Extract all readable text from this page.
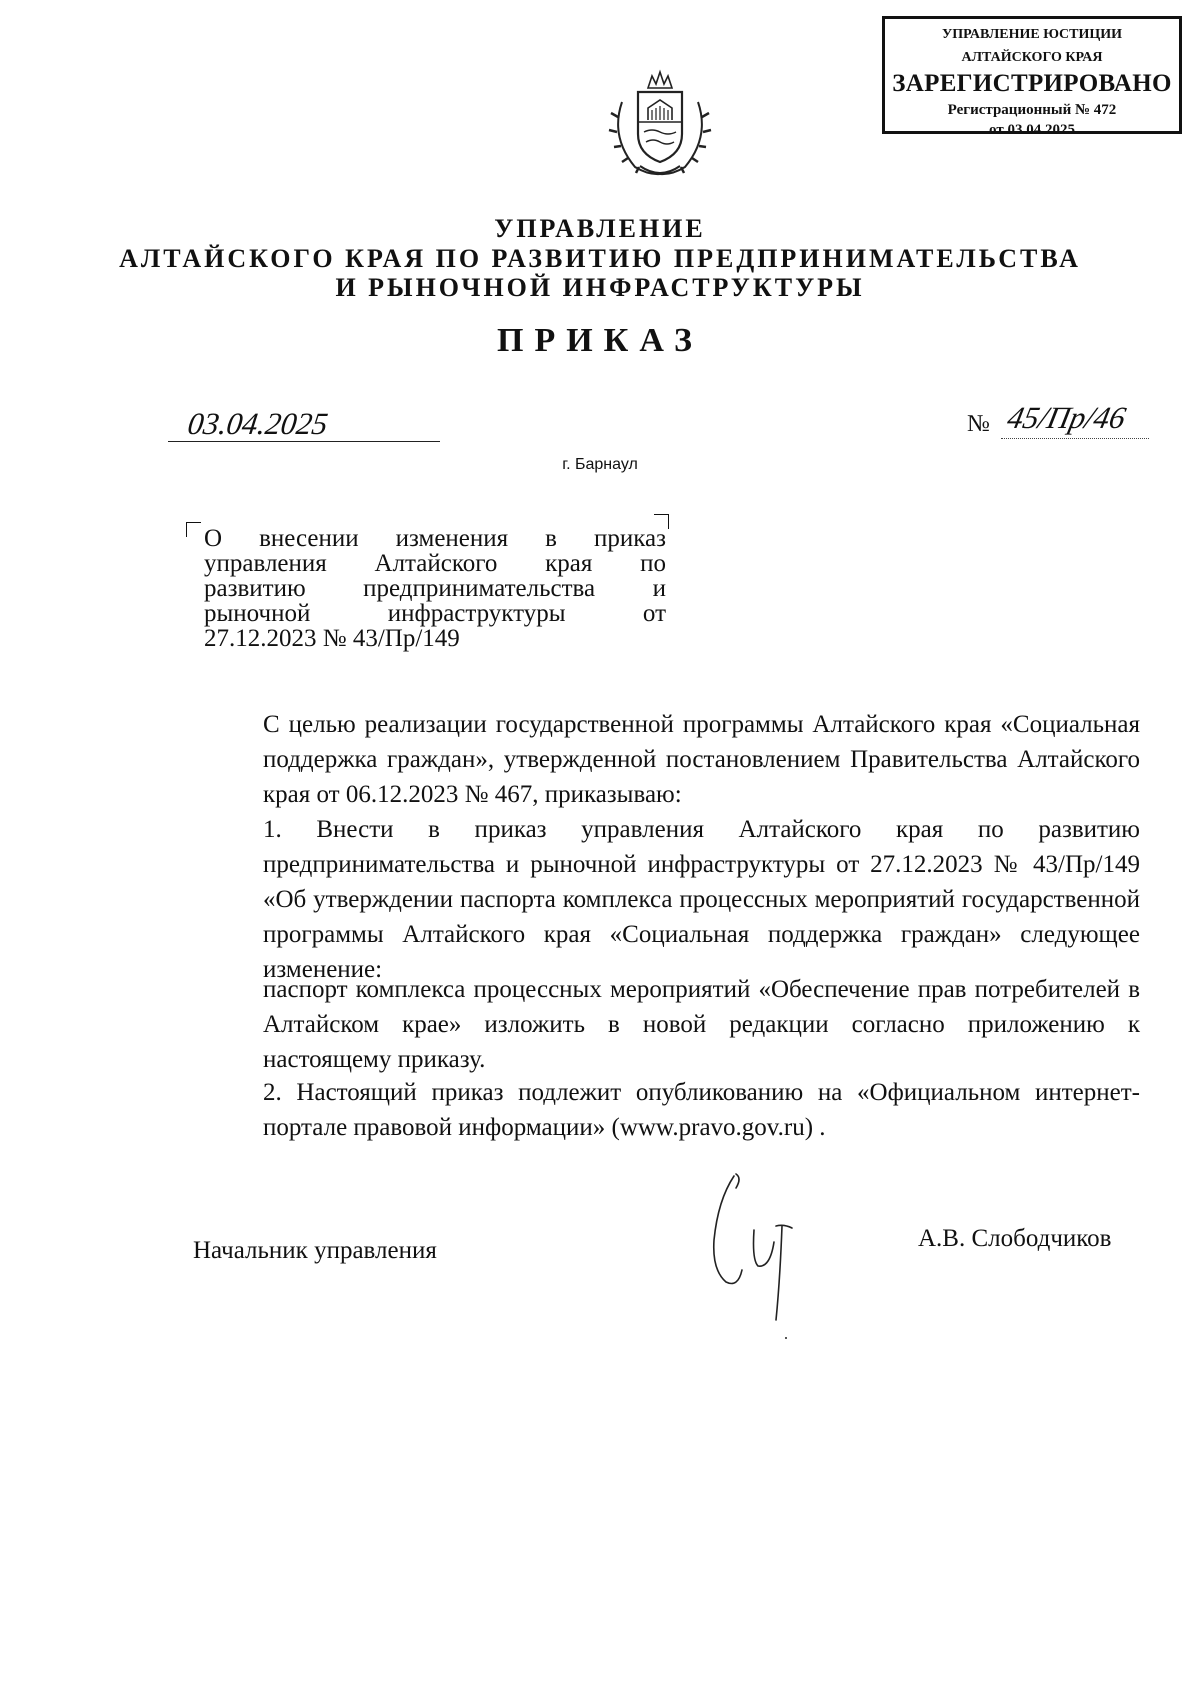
УПРАВЛЕНИЕ ЮСТИЦИИ
АЛТАЙСКОГО КРАЯ
ЗАРЕГИСТРИРОВАНО
Регистрационный № 472
от 03.04.2025
УПРАВЛЕНИЕ
АЛТАЙСКОГО КРАЯ ПО РАЗВИТИЮ ПРЕДПРИНИМАТЕЛЬСТВА
И РЫНОЧНОЙ ИНФРАСТРУКТУРЫ
ПРИКАЗ
03.04.2025	№ 45/Пр/46
г. Барнаул
О внесении изменения в приказ
управления Алтайского края по
развитию предпринимательства и
рыночной инфраструктуры от
27.12.2023 № 43/Пр/149
С целью реализации государственной программы Алтайского края «Социальная поддержка граждан», утвержденной постановлением Правительства Алтайского края от 06.12.2023 № 467, приказываю:
1. Внести в приказ управления Алтайского края по развитию предпринимательства и рыночной инфраструктуры от 27.12.2023 № 43/Пр/149 «Об утверждении паспорта комплекса процессных мероприятий государственной программы Алтайского края «Социальная поддержка граждан» следующее изменение:
паспорт комплекса процессных мероприятий «Обеспечение прав потребителей в Алтайском крае» изложить в новой редакции согласно приложению к настоящему приказу.
2. Настоящий приказ подлежит опубликованию на «Официальном интернет-портале правовой информации» (www.pravo.gov.ru) .
Начальник управления	А.В. Слободчиков
